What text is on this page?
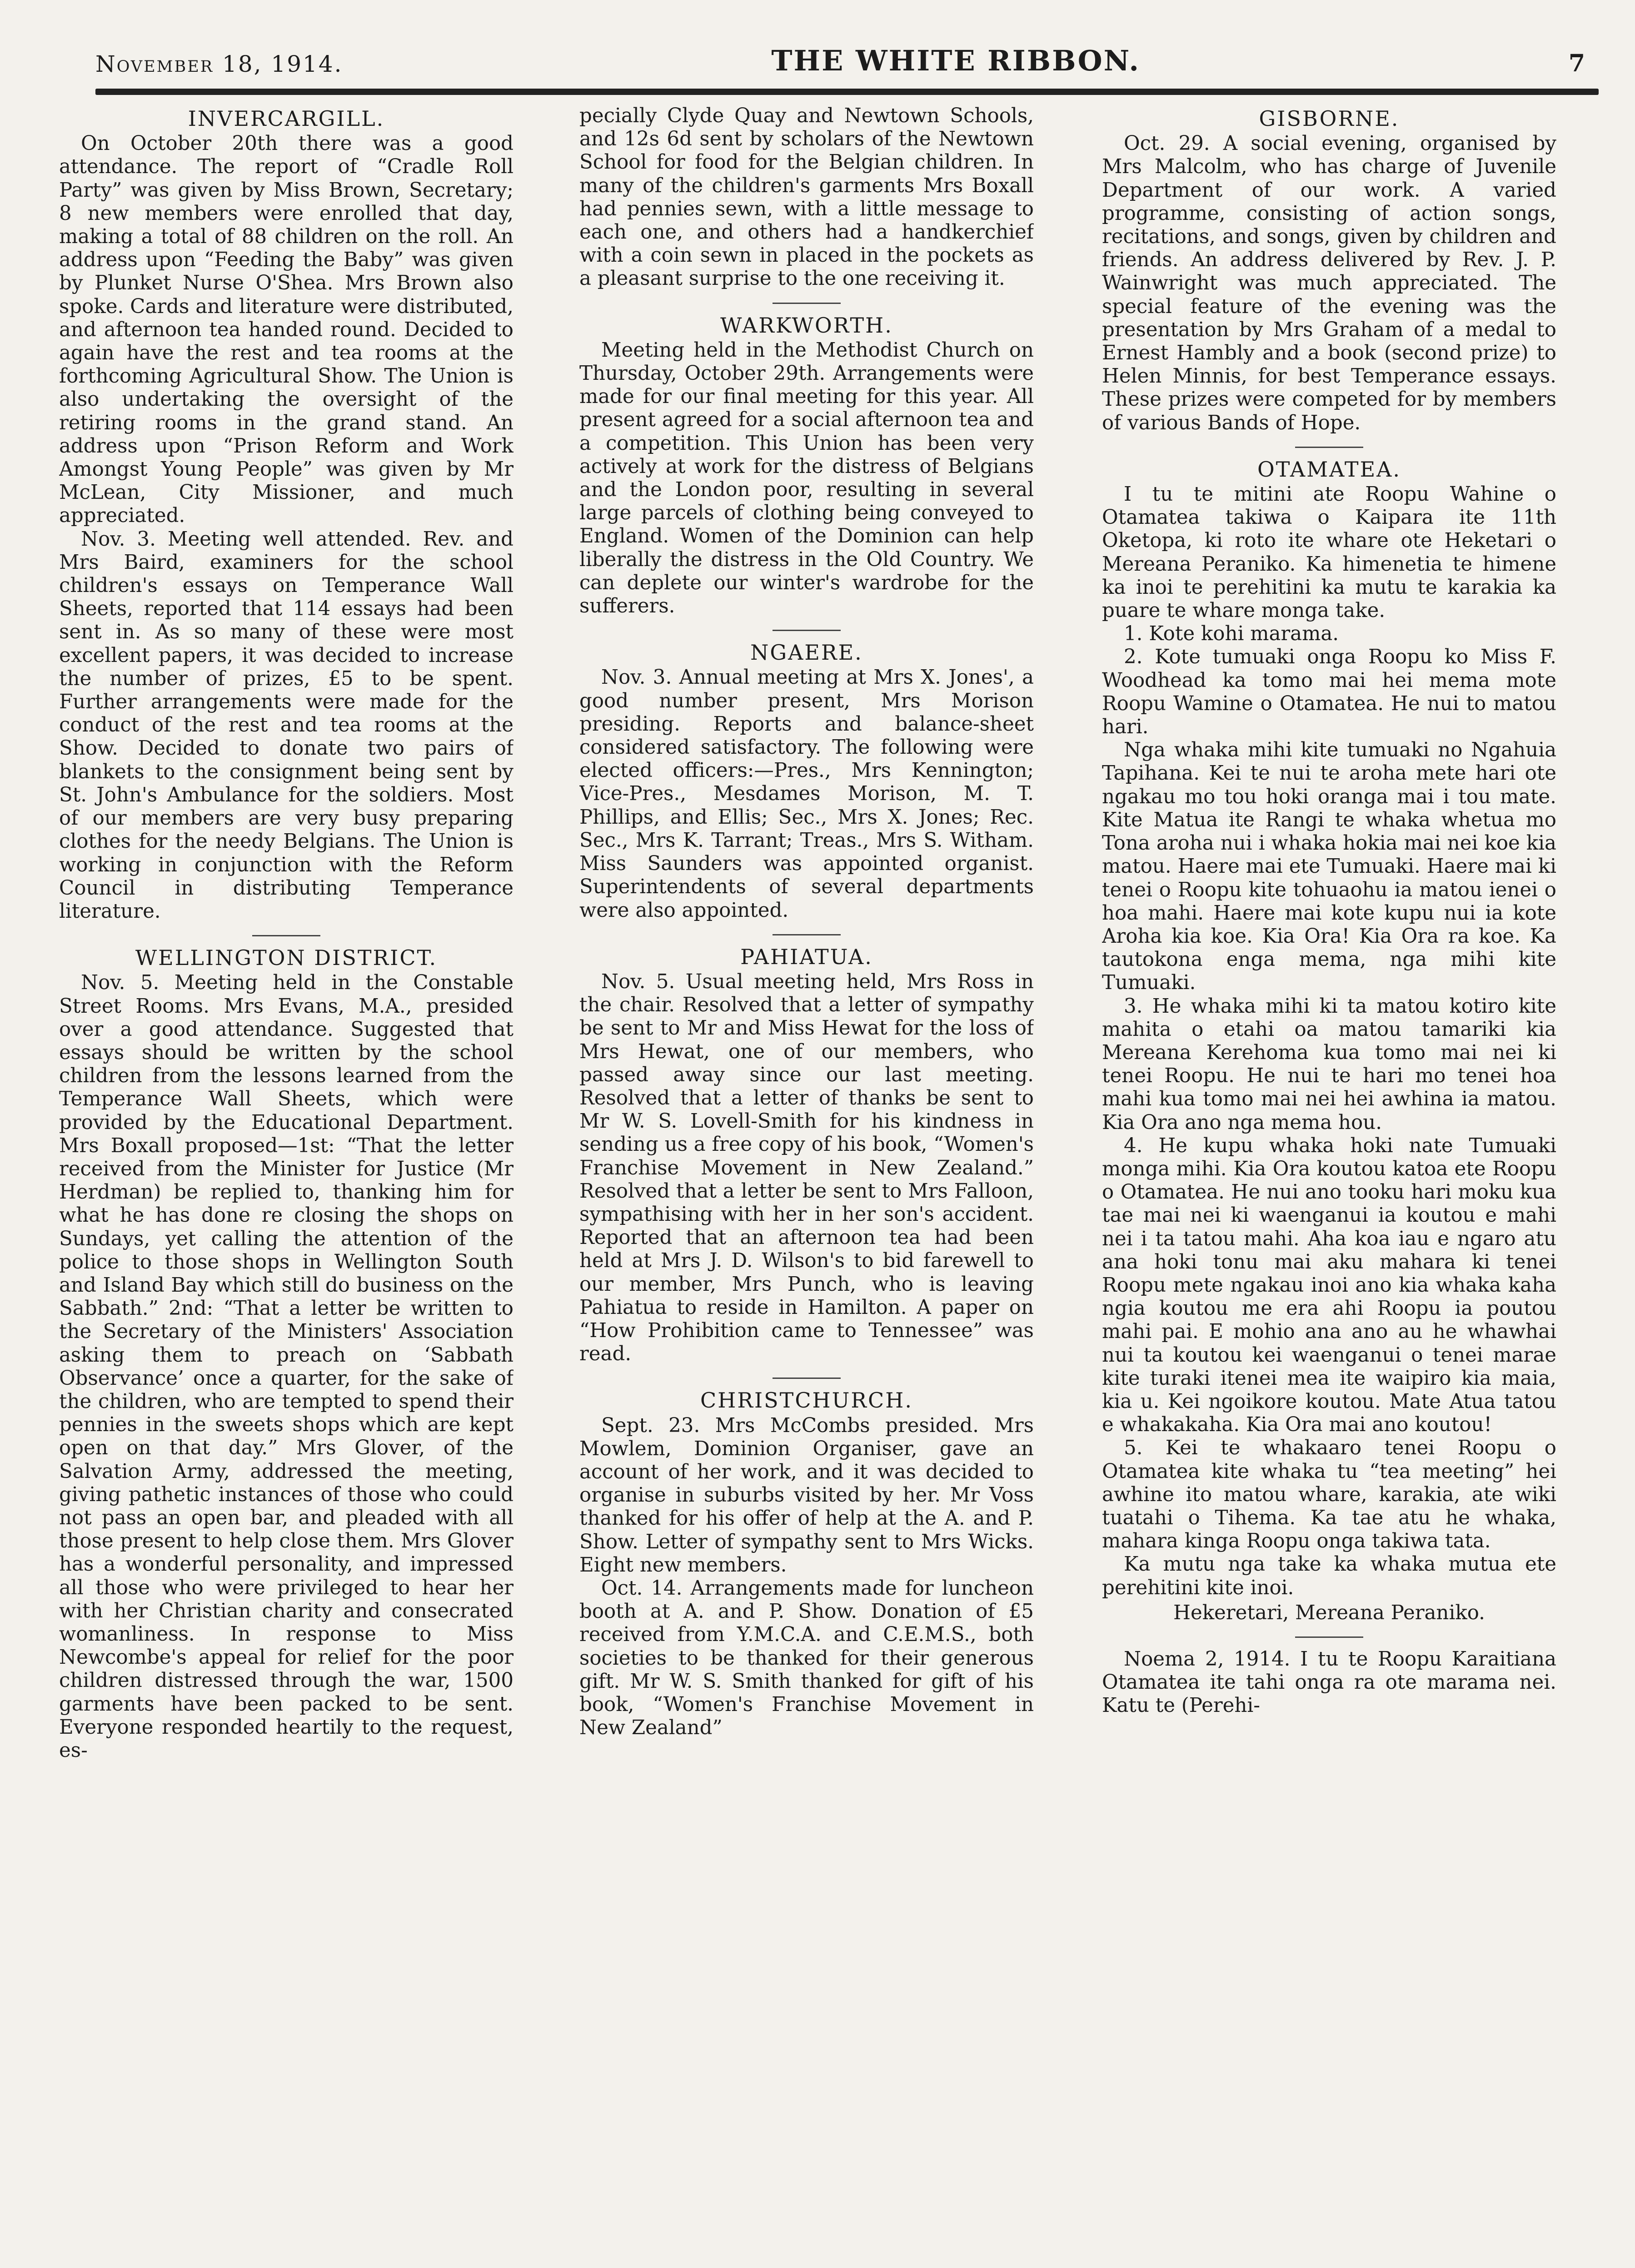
November 18, 1914.	THE WHITE RIBBON.	7
INVERCARGILL.

On October 20th there was a good attendance. The report of “Cradle Roll Party” was given by Miss Brown, Secretary; 8 new members were enrolled that day, making a total of 88 children on the roll. An address upon “Feeding the Baby” was given by Plunket Nurse O'Shea. Mrs Brown also spoke. Cards and literature were distributed, and afternoon tea handed round. Decided to again have the rest and tea rooms at the forthcoming Agricultural Show. The Union is also undertaking the oversight of the retiring rooms in the grand stand. An address upon “Prison Reform and Work Amongst Young People” was given by Mr McLean, City Missioner, and much appreciated.

Nov. 3. Meeting well attended. Rev. and Mrs Baird, examiners for the school children's essays on Temperance Wall Sheets, reported that 114 essays had been sent in. As so many of these were most excellent papers, it was decided to increase the number of prizes, £5 to be spent. Further arrangements were made for the conduct of the rest and tea rooms at the Show. Decided to donate two pairs of blankets to the consignment being sent by St. John's Ambulance for the soldiers. Most of our members are very busy preparing clothes for the needy Belgians. The Union is working in conjunction with the Reform Council in distributing Temperance literature.

WELLINGTON DISTRICT.

Nov. 5. Meeting held in the Constable Street Rooms. Mrs Evans, M.A., presided over a good attendance. Suggested that essays should be written by the school children from the lessons learned from the Temperance Wall Sheets, which were provided by the Educational Department. Mrs Boxall proposed—1st: “That the letter received from the Minister for Justice (Mr Herdman) be replied to, thanking him for what he has done re closing the shops on Sundays, yet calling the attention of the police to those shops in Wellington South and Island Bay which still do business on the Sabbath.” 2nd: “That a letter be written to the Secretary of the Ministers' Association asking them to preach on ‘Sabbath Observance’ once a quarter, for the sake of the children, who are tempted to spend their pennies in the sweets shops which are kept open on that day.” Mrs Glover, of the Salvation Army, addressed the meeting, giving pathetic instances of those who could not pass an open bar, and pleaded with all those present to help close them. Mrs Glover has a wonderful personality, and impressed all those who were privileged to hear her with her Christian charity and consecrated womanliness. In response to Miss Newcombe's appeal for relief for the poor children distressed through the war, 1500 garments have been packed to be sent. Everyone responded heartily to the request, es-

pecially Clyde Quay and Newtown Schools, and 12s 6d sent by scholars of the Newtown School for food for the Belgian children. In many of the children's garments Mrs Boxall had pennies sewn, with a little message to each one, and others had a handkerchief with a coin sewn in placed in the pockets as a pleasant surprise to the one receiving it.

WARKWORTH.

Meeting held in the Methodist Church on Thursday, October 29th. Arrangements were made for our final meeting for this year. All present agreed for a social afternoon tea and a competition. This Union has been very actively at work for the distress of Belgians and the London poor, resulting in several large parcels of clothing being conveyed to England. Women of the Dominion can help liberally the distress in the Old Country. We can deplete our winter's wardrobe for the sufferers.

NGAERE.

Nov. 3. Annual meeting at Mrs X. Jones', a good number present, Mrs Morison presiding. Reports and balance-sheet considered satisfactory. The following were elected officers:—Pres., Mrs Kennington; Vice-Pres., Mesdames Morison, M. T. Phillips, and Ellis; Sec., Mrs X. Jones; Rec. Sec., Mrs K. Tarrant; Treas., Mrs S. Witham. Miss Saunders was appointed organist. Superintendents of several departments were also appointed.

PAHIATUA.

Nov. 5. Usual meeting held, Mrs Ross in the chair. Resolved that a letter of sympathy be sent to Mr and Miss Hewat for the loss of Mrs Hewat, one of our members, who passed away since our last meeting. Resolved that a letter of thanks be sent to Mr W. S. Lovell-Smith for his kindness in sending us a free copy of his book, “Women's Franchise Movement in New Zealand.” Resolved that a letter be sent to Mrs Falloon, sympathising with her in her son's accident. Reported that an afternoon tea had been held at Mrs J. D. Wilson's to bid farewell to our member, Mrs Punch, who is leaving Pahiatua to reside in Hamilton. A paper on “How Prohibition came to Tennessee” was read.

CHRISTCHURCH.

Sept. 23. Mrs McCombs presided. Mrs Mowlem, Dominion Organiser, gave an account of her work, and it was decided to organise in suburbs visited by her. Mr Voss thanked for his offer of help at the A. and P. Show. Letter of sympathy sent to Mrs Wicks. Eight new members.

Oct. 14. Arrangements made for luncheon booth at A. and P. Show. Donation of £5 received from Y.M.C.A. and C.E.M.S., both societies to be thanked for their generous gift. Mr W. S. Smith thanked for gift of his book, “Women's Franchise Movement in New Zealand”

GISBORNE.

Oct. 29. A social evening, organised by Mrs Malcolm, who has charge of Juvenile Department of our work. A varied programme, consisting of action songs, recitations, and songs, given by children and friends. An address delivered by Rev. J. P. Wainwright was much appreciated. The special feature of the evening was the presentation by Mrs Graham of a medal to Ernest Hambly and a book (second prize) to Helen Minnis, for best Temperance essays. These prizes were competed for by members of various Bands of Hope.

OTAMATEA.

I tu te mitini ate Roopu Wahine o Otamatea takiwa o Kaipara ite 11th Oketopa, ki roto ite whare ote Heketari o Mereana Peraniko. Ka himenetia te himene ka inoi te perehitini ka mutu te karakia ka puare te whare monga take.

1. Kote kohi marama.

2. Kote tumuaki onga Roopu ko Miss F. Woodhead ka tomo mai hei mema mote Roopu Wamine o Otamatea. He nui to matou hari.

Nga whaka mihi kite tumuaki no Ngahuia Tapihana. Kei te nui te aroha mete hari ote ngakau mo tou hoki oranga mai i tou mate. Kite Matua ite Rangi te whaka whetua mo Tona aroha nui i whaka hokia mai nei koe kia matou. Haere mai ete Tumuaki. Haere mai ki tenei o Roopu kite tohuaohu ia matou ienei o hoa mahi. Haere mai kote kupu nui ia kote Aroha kia koe. Kia Ora! Kia Ora ra koe. Ka tautokona enga mema, nga mihi kite Tumuaki.

3. He whaka mihi ki ta matou kotiro kite mahita o etahi oa matou tamariki kia Mereana Kerehoma kua tomo mai nei ki tenei Roopu. He nui te hari mo tenei hoa mahi kua tomo mai nei hei awhina ia matou. Kia Ora ano nga mema hou.

4. He kupu whaka hoki nate Tumuaki monga mihi. Kia Ora koutou katoa ete Roopu o Otamatea. He nui ano tooku hari moku kua tae mai nei ki waenganui ia koutou e mahi nei i ta tatou mahi. Aha koa iau e ngaro atu ana hoki tonu mai aku mahara ki tenei Roopu mete ngakau inoi ano kia whaka kaha ngia koutou me era ahi Roopu ia poutou mahi pai. E mohio ana ano au he whawhai nui ta koutou kei waenganui o tenei marae kite turaki itenei mea ite waipiro kia maia, kia u. Kei ngoikore koutou. Mate Atua tatou e whakakaha. Kia Ora mai ano koutou!

5. Kei te whakaaro tenei Roopu o Otamatea kite whaka tu “tea meeting” hei awhine ito matou whare, karakia, ate wiki tuatahi o Tihema. Ka tae atu he whaka, mahara kinga Roopu onga takiwa tata.

Ka mutu nga take ka whaka mutua ete perehitini kite inoi.

Hekeretari, Mereana Peraniko.

Noema 2, 1914. I tu te Roopu Karaitiana Otamatea ite tahi onga ra ote marama nei. Katu te (Perehi-
